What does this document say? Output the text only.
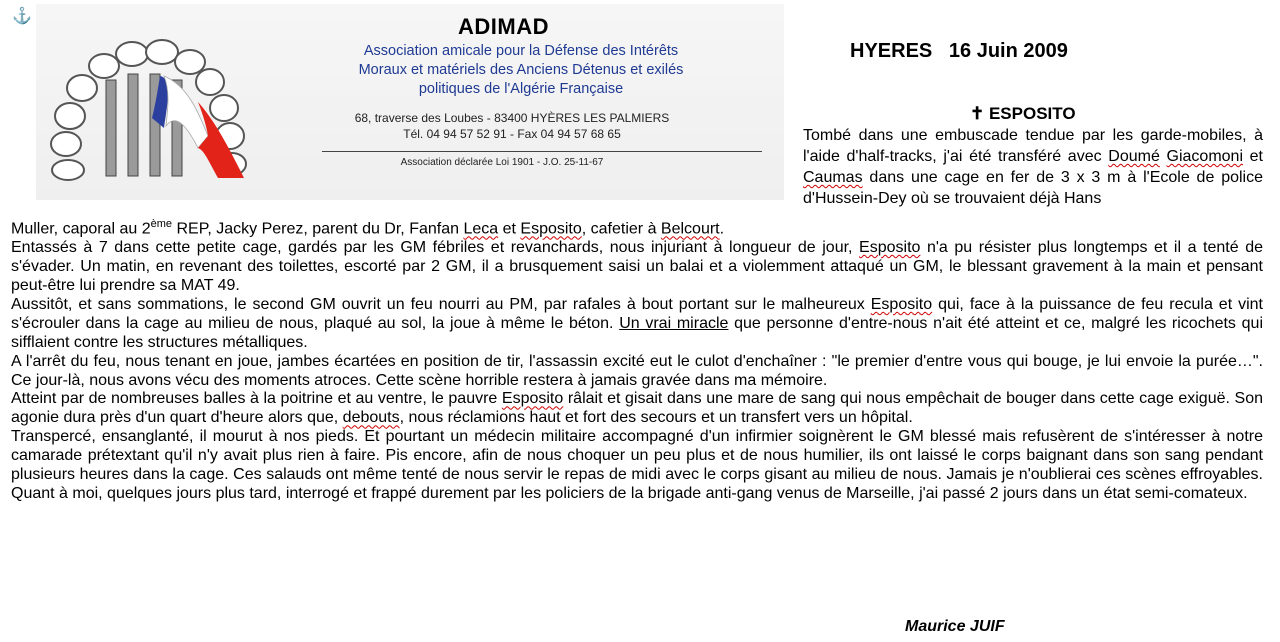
⚓	ADIMAD
Association amicale pour la Défense des Intérêts
Moraux et matériels des Anciens Détenus et exilés
politiques de l'Algérie Française
68, traverse des Loubes - 83400 HYÈRES LES PALMIERS
Tél. 04 94 57 52 91 - Fax 04 94 57 68 65
Association déclarée Loi 1901 - J.O. 25-11-67
HYERES   16 Juin 2009
✝ ESPOSITO
Tombé dans une embuscade tendue par les garde-mobiles, à l'aide d'half-tracks, j'ai été transféré avec Doumé Giacomoni et Caumas dans une cage en fer de 3 x 3 m à l'Ecole de police d'Hussein-Dey où se trouvaient déjà Hans

Muller, caporal au 2ème REP, Jacky Perez, parent du Dr, Fanfan Leca et Esposito, cafetier à Belcourt.

Entassés à 7 dans cette petite cage, gardés par les GM fébriles et revanchards, nous injuriant à longueur de jour, Esposito n'a pu résister plus longtemps et il a tenté de s'évader. Un matin, en revenant des toilettes, escorté par 2 GM, il a brusquement saisi un balai et a violemment attaqué un GM, le blessant gravement à la main et pensant peut-être lui prendre sa MAT 49.

Aussitôt, et sans sommations, le second GM ouvrit un feu nourri au PM, par rafales à bout portant sur le malheureux Esposito qui, face à la puissance de feu recula et vint s'écrouler dans la cage au milieu de nous, plaqué au sol, la joue à même le béton. Un vrai miracle que personne d'entre-nous n'ait été atteint et ce, malgré les ricochets qui sifflaient contre les structures métalliques.

A l'arrêt du feu, nous tenant en joue, jambes écartées en position de tir, l'assassin excité eut le culot d'enchaîner : "le premier d'entre vous qui bouge, je lui envoie la purée…". Ce jour-là, nous avons vécu des moments atroces. Cette scène horrible restera à jamais gravée dans ma mémoire.

Atteint par de nombreuses balles à la poitrine et au ventre, le pauvre Esposito râlait et gisait dans une mare de sang qui nous empêchait de bouger dans cette cage exiguë. Son agonie dura près d'un quart d'heure alors que, debouts, nous réclamions haut et fort des secours et un transfert vers un hôpital.

Transpercé, ensanglanté, il mourut à nos pieds. Et pourtant un médecin militaire accompagné d'un infirmier soignèrent le GM blessé mais refusèrent de s'intéresser à notre camarade prétextant qu'il n'y avait plus rien à faire. Pis encore, afin de nous choquer un peu plus et de nous humilier, ils ont laissé le corps baignant dans son sang pendant plusieurs heures dans la cage. Ces salauds ont même tenté de nous servir le repas de midi avec le corps gisant au milieu de nous. Jamais je n'oublierai ces scènes effroyables. Quant à moi, quelques jours plus tard, interrogé et frappé durement par les policiers de la brigade anti-gang venus de Marseille, j'ai passé 2 jours dans un état semi-comateux.

Maurice JUIF
